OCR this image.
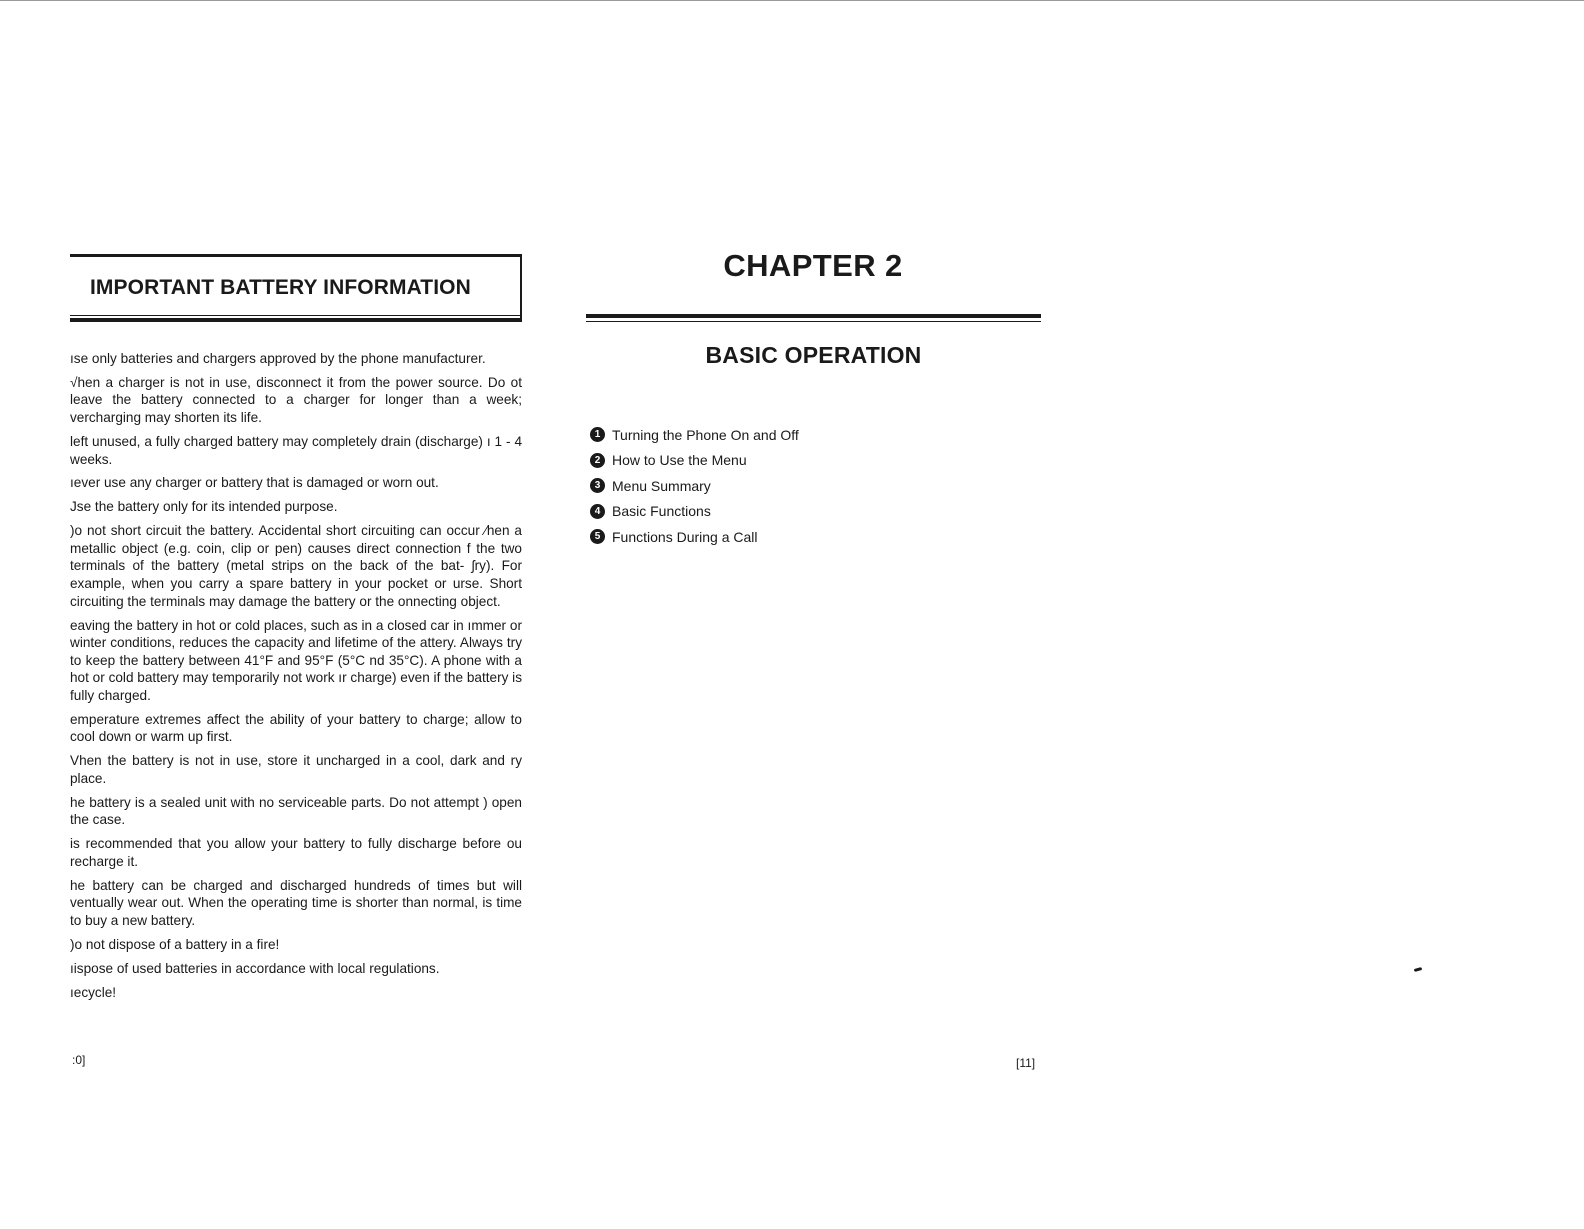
IMPORTANT BATTERY INFORMATION

ıse only batteries and chargers approved by the phone manufacturer.

√hen a charger is not in use, disconnect it from the power source. Do ot leave the battery connected to a charger for longer than a week; vercharging may shorten its life.

left unused, a fully charged battery may completely drain (discharge) ı 1 - 4 weeks.

ıever use any charger or battery that is damaged or worn out.

Jse the battery only for its intended purpose.

)o not short circuit the battery. Accidental short circuiting can occur ∕hen a metallic object (e.g. coin, clip or pen) causes direct connection f the two terminals of the battery (metal strips on the back of the bat- ʃry). For example, when you carry a spare battery in your pocket or urse. Short circuiting the terminals may damage the battery or the onnecting object.

eaving the battery in hot or cold places, such as in a closed car in ımmer or winter conditions, reduces the capacity and lifetime of the attery. Always try to keep the battery between 41°F and 95°F (5°C nd 35°C). A phone with a hot or cold battery may temporarily not work ır charge) even if the battery is fully charged.

emperature extremes affect the ability of your battery to charge; allow to cool down or warm up first.

Vhen the battery is not in use, store it uncharged in a cool, dark and ry place.

he battery is a sealed unit with no serviceable parts. Do not attempt ) open the case.

is recommended that you allow your battery to fully discharge before ou recharge it.

he battery can be charged and discharged hundreds of times but will ventually wear out. When the operating time is shorter than normal, is time to buy a new battery.

)o not dispose of a battery in a fire!

ıispose of used batteries in accordance with local regulations.

ıecycle!

:0]
CHAPTER 2
BASIC OPERATION
1 Turning the Phone On and Off
2 How to Use the Menu
3 Menu Summary
4 Basic Functions
5 Functions During a Call
[11]
